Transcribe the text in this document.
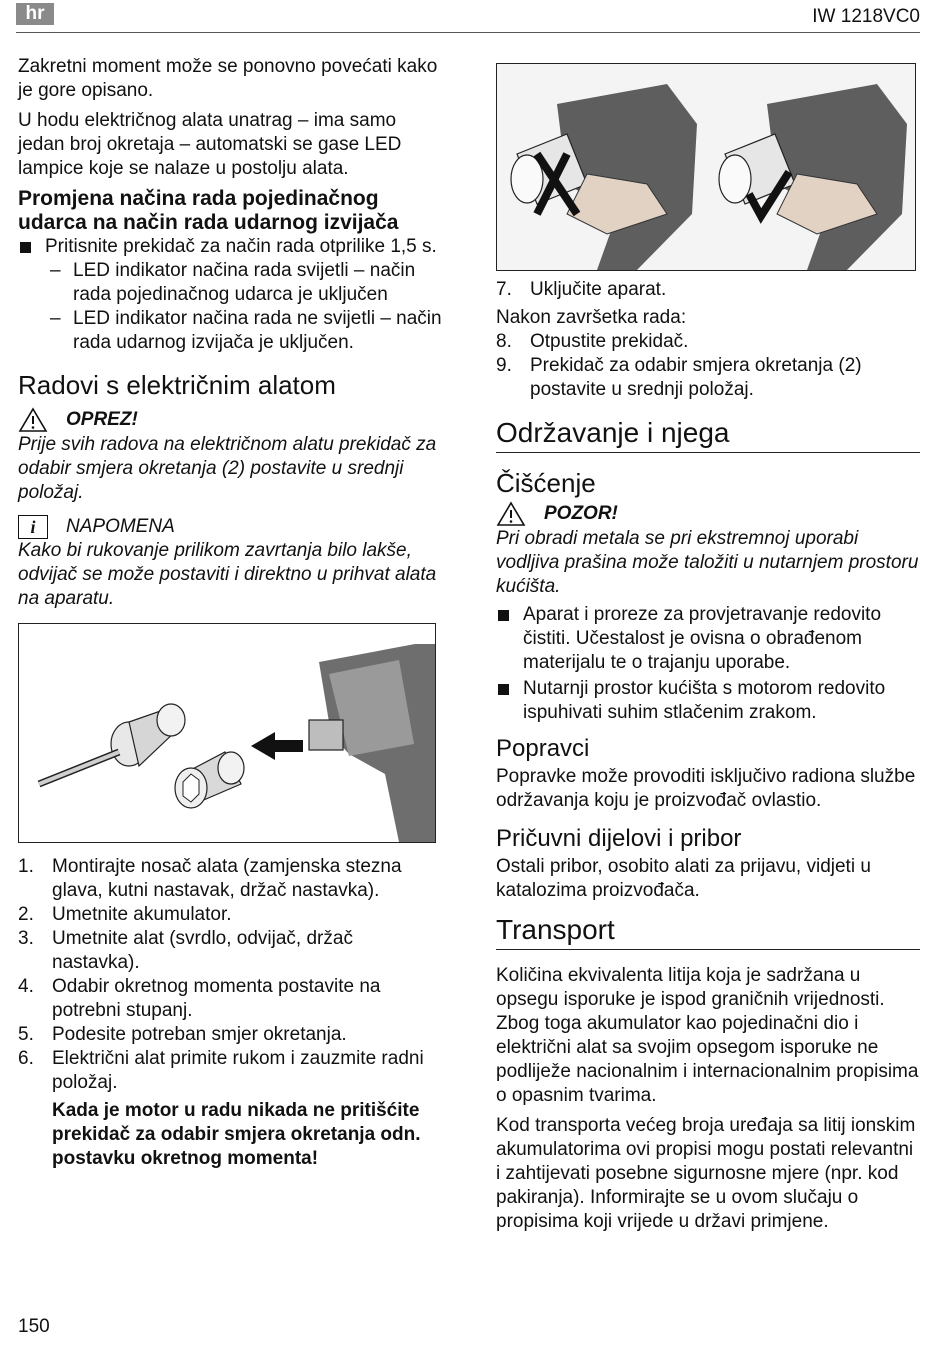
hr	IW 1218VC0

Zakretni moment može se ponovno povećati kako je gore opisano.

U hodu električnog alata unatrag – ima samo jedan broj okretaja – automatski se gase LED lampice koje se nalaze u postolju alata.

Promjena načina rada pojedinačnog udarca na način rada udarnog izvijača
Pritisnite prekidač za način rada otprilike 1,5 s.
– LED indikator načina rada svijetli – način rada pojedinačnog udarca je uključen
– LED indikator načina rada ne svijetli – način rada udarnog izvijača je uključen.
Radovi s električnim alatom
OPREZ!
Prije svih radova na električnom alatu prekidač za odabir smjera okretanja (2) postavite u srednji položaj.
i	NAPOMENA
Kako bi rukovanje prilikom zavrtanja bilo lakše, odvijač se može postaviti i direktno u prihvat alata na aparatu.
1. Montirajte nosač alata (zamjenska stezna glava, kutni nastavak, držač nastavka).
2. Umetnite akumulator.
3. Umetnite alat (svrdlo, odvijač, držač nastavka).
4. Odabir okretnog momenta postavite na potrebni stupanj.
5. Podesite potreban smjer okretanja.
6. Električni alat primite rukom i zauzmite radni položaj.
Kada je motor u radu nikada ne pritišćite prekidač za odabir smjera okretanja odn. postavku okretnog momenta!
7. Uključite aparat.

Nakon završetka rada:

8. Otpustite prekidač.
9. Prekidač za odabir smjera okretanja (2) postavite u srednji položaj.
Održavanje i njega
Čišćenje
POZOR!
Pri obradi metala se pri ekstremnoj uporabi vodljiva prašina može taložiti u nutarnjem prostoru kućišta.
Aparat i proreze za provjetravanje redovito čistiti. Učestalost je ovisna o obrađenom materijalu te o trajanju uporabe.
Nutarnji prostor kućišta s motorom redovito ispuhivati suhim stlačenim zrakom.
Popravci

Popravke može provoditi isključivo radiona službe održavanja koju je proizvođač ovlastio.

Pričuvni dijelovi i pribor

Ostali pribor, osobito alati za prijavu, vidjeti u katalozima proizvođača.

Transport

Količina ekvivalenta litija koja je sadržana u opsegu isporuke je ispod graničnih vrijednosti. Zbog toga akumulator kao pojedinačni dio i električni alat sa svojim opsegom isporuke ne podliježe nacionalnim i internacionalnim propisima o opasnim tvarima.

Kod transporta većeg broja uređaja sa litij ionskim akumulatorima ovi propisi mogu postati relevantni i zahtijevati posebne sigurnosne mjere (npr. kod pakiranja). Informirajte se u ovom slučaju o propisima koji vrijede u državi primjene.

150
